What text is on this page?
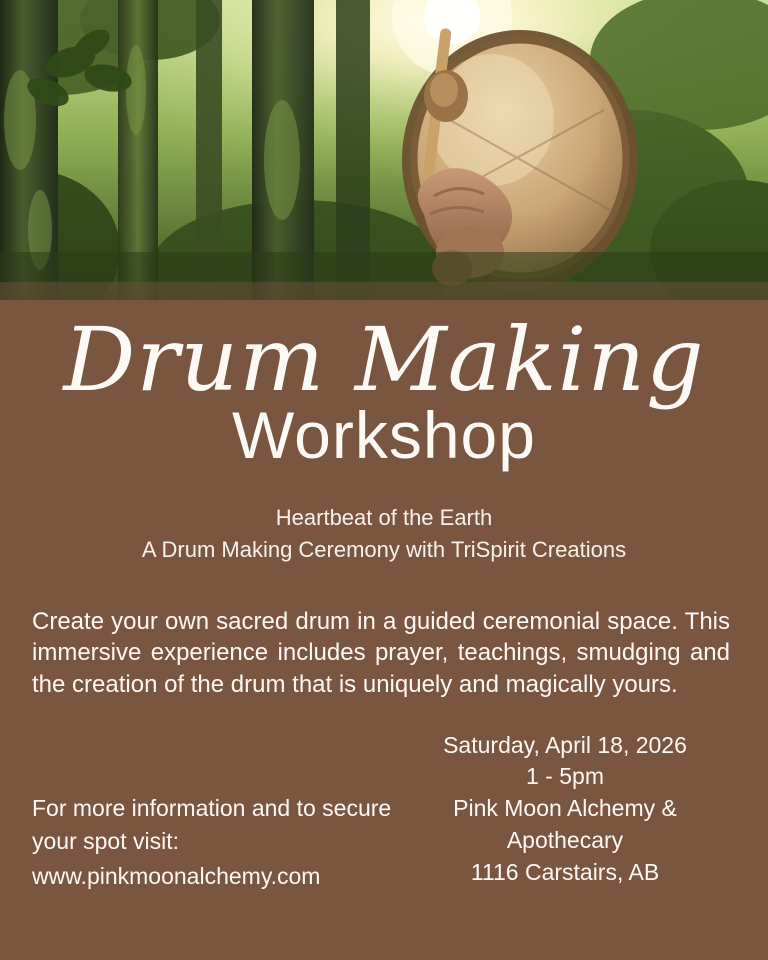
Drum Making
Workshop
Heartbeat of the Earth
A Drum Making Ceremony with TriSpirit Creations
Create your own sacred drum in a guided ceremonial space. This immersive experience includes prayer, teachings, smudging and the creation of the drum that is uniquely and magically yours.
Saturday, April 18, 2026
1 - 5pm
Pink Moon Alchemy &
Apothecary
1116 Carstairs, AB
For more information and to secure your spot visit:
www.pinkmoonalchemy.com
